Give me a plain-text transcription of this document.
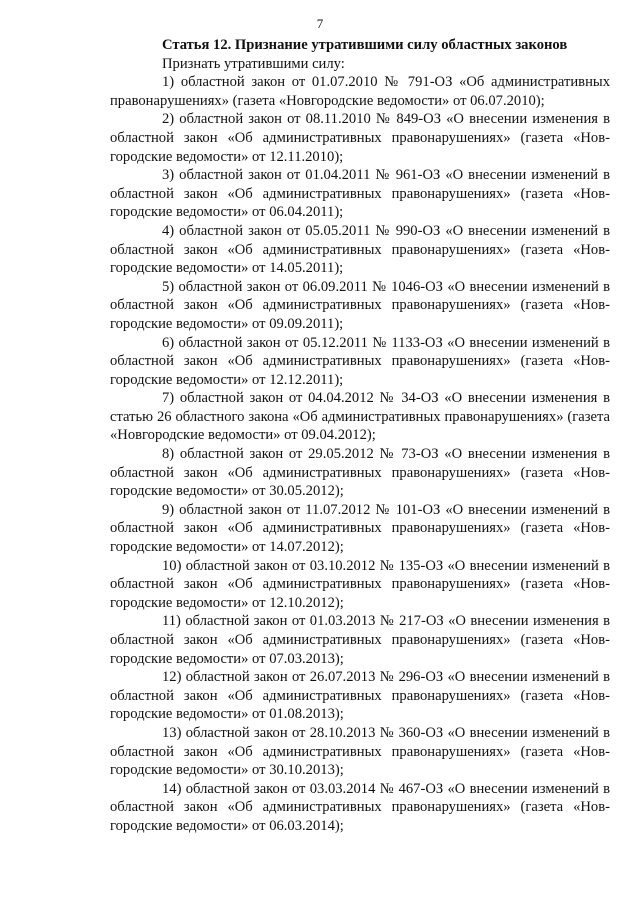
7
Статья 12. Признание утратившими силу областных законов

Признать утратившими силу:

1) областной закон от 01.07.2010 № 791-ОЗ «Об административных правонарушениях» (газета «Новгородские ведомости» от 06.07.2010);
2) областной закон от 08.11.2010 № 849-ОЗ «О внесении изменения в областной закон «Об административных правонарушениях» (газета «Новгородские ведомости» от 12.11.2010);
3) областной закон от 01.04.2011 № 961-ОЗ «О внесении изменений в областной закон «Об административных правонарушениях» (газета «Новгородские ведомости» от 06.04.2011);
4) областной закон от 05.05.2011 № 990-ОЗ «О внесении изменений в областной закон «Об административных правонарушениях» (газета «Новгородские ведомости» от 14.05.2011);
5) областной закон от 06.09.2011 № 1046-ОЗ «О внесении изменений в областной закон «Об административных правонарушениях» (газета «Новгородские ведомости» от 09.09.2011);
6) областной закон от 05.12.2011 № 1133-ОЗ «О внесении изменений в областной закон «Об административных правонарушениях» (газета «Новгородские ведомости» от 12.12.2011);
7) областной закон от 04.04.2012 № 34-ОЗ «О внесении изменения в статью 26 областного закона «Об административных правонарушениях» (газета «Новгородские ведомости» от 09.04.2012);
8) областной закон от 29.05.2012 № 73-ОЗ «О внесении изменения в областной закон «Об административных правонарушениях» (газета «Новгородские ведомости» от 30.05.2012);
9) областной закон от 11.07.2012 № 101-ОЗ «О внесении изменений в областной закон «Об административных правонарушениях» (газета «Новгородские ведомости» от 14.07.2012);
10) областной закон от 03.10.2012 № 135-ОЗ «О внесении изменений в областной закон «Об административных правонарушениях» (газета «Новгородские ведомости» от 12.10.2012);
11) областной закон от 01.03.2013 № 217-ОЗ «О внесении изменения в областной закон «Об административных правонарушениях» (газета «Новгородские ведомости» от 07.03.2013);
12) областной закон от 26.07.2013 № 296-ОЗ «О внесении изменений в областной закон «Об административных правонарушениях» (газета «Новгородские ведомости» от 01.08.2013);
13) областной закон от 28.10.2013 № 360-ОЗ «О внесении изменений в областной закон «Об административных правонарушениях» (газета «Новгородские ведомости» от 30.10.2013);
14) областной закон от 03.03.2014 № 467-ОЗ «О внесении изменений в областной закон «Об административных правонарушениях» (газета «Новгородские ведомости» от 06.03.2014);
